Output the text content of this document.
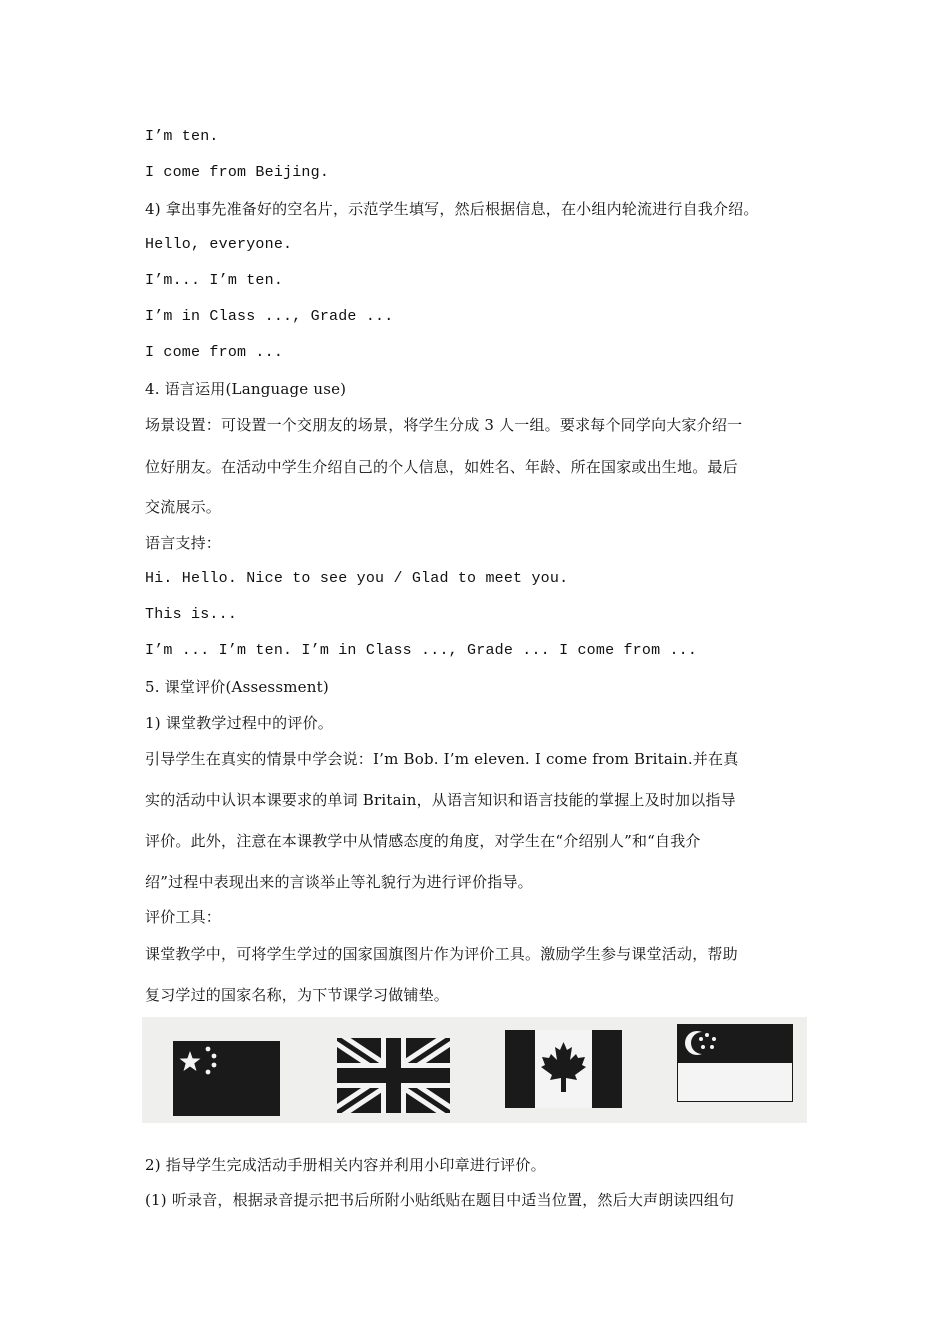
I’m ten.
I come from Beijing.
4) 拿出事先准备好的空名片，示范学生填写，然后根据信息，在小组内轮流进行自我介绍。
Hello, everyone.
I’m... I’m ten.
I’m in Class ..., Grade ...
I come from ...
4. 语言运用(Language use)
场景设置：可设置一个交朋友的场景，将学生分成 3 人一组。要求每个同学向大家介绍一
位好朋友。在活动中学生介绍自己的个人信息，如姓名、年龄、所在国家或出生地。最后
交流展示。
语言支持：
Hi. Hello. Nice to see you / Glad to meet you.
This is...
I’m ... I’m ten. I’m in Class ..., Grade ... I come from ...
5. 课堂评价(Assessment)
1) 课堂教学过程中的评价。
引导学生在真实的情景中学会说：I’m Bob. I’m eleven. I come from Britain.并在真
实的活动中认识本课要求的单词 Britain，从语言知识和语言技能的掌握上及时加以指导
评价。此外，注意在本课教学中从情感态度的角度，对学生在“介绍别人”和“自我介
绍”过程中表现出来的言谈举止等礼貌行为进行评价指导。
评价工具：
课堂教学中，可将学生学过的国家国旗图片作为评价工具。激励学生参与课堂活动，帮助
复习学过的国家名称，为下节课学习做铺垫。
2) 指导学生完成活动手册相关内容并利用小印章进行评价。
(1) 听录音，根据录音提示把书后所附小贴纸贴在题目中适当位置，然后大声朗读四组句
